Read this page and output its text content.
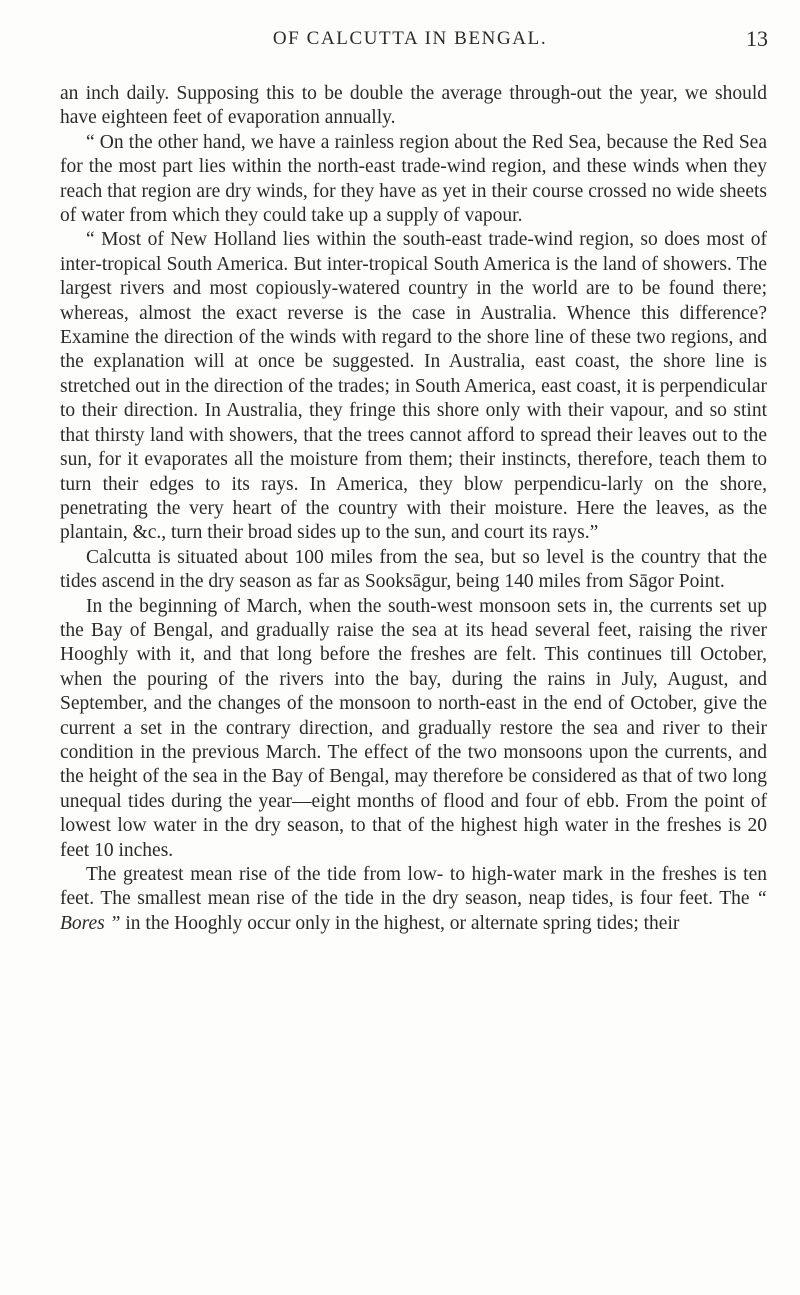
OF CALCUTTA IN BENGAL.	13

an inch daily. Supposing this to be double the average through-out the year, we should have eighteen feet of evaporation annually.

“ On the other hand, we have a rainless region about the Red Sea, because the Red Sea for the most part lies within the north-east trade-wind region, and these winds when they reach that region are dry winds, for they have as yet in their course crossed no wide sheets of water from which they could take up a supply of vapour.

“ Most of New Holland lies within the south-east trade-wind region, so does most of inter-tropical South America. But inter-tropical South America is the land of showers. The largest rivers and most copiously-watered country in the world are to be found there; whereas, almost the exact reverse is the case in Australia. Whence this difference? Examine the direction of the winds with regard to the shore line of these two regions, and the explanation will at once be suggested. In Australia, east coast, the shore line is stretched out in the direction of the trades; in South America, east coast, it is perpendicular to their direction. In Australia, they fringe this shore only with their vapour, and so stint that thirsty land with showers, that the trees cannot afford to spread their leaves out to the sun, for it evaporates all the moisture from them; their instincts, therefore, teach them to turn their edges to its rays. In America, they blow perpendicu-larly on the shore, penetrating the very heart of the country with their moisture. Here the leaves, as the plantain, &c., turn their broad sides up to the sun, and court its rays.”

Calcutta is situated about 100 miles from the sea, but so level is the country that the tides ascend in the dry season as far as Sooksāgur, being 140 miles from Sāgor Point.

In the beginning of March, when the south-west monsoon sets in, the currents set up the Bay of Bengal, and gradually raise the sea at its head several feet, raising the river Hooghly with it, and that long before the freshes are felt. This continues till October, when the pouring of the rivers into the bay, during the rains in July, August, and September, and the changes of the monsoon to north-east in the end of October, give the current a set in the contrary direction, and gradually restore the sea and river to their condition in the previous March. The effect of the two monsoons upon the currents, and the height of the sea in the Bay of Bengal, may therefore be considered as that of two long unequal tides during the year—eight months of flood and four of ebb. From the point of lowest low water in the dry season, to that of the highest high water in the freshes is 20 feet 10 inches.

The greatest mean rise of the tide from low- to high-water mark in the freshes is ten feet. The smallest mean rise of the tide in the dry season, neap tides, is four feet. The “ Bores ” in the Hooghly occur only in the highest, or alternate spring tides; their
